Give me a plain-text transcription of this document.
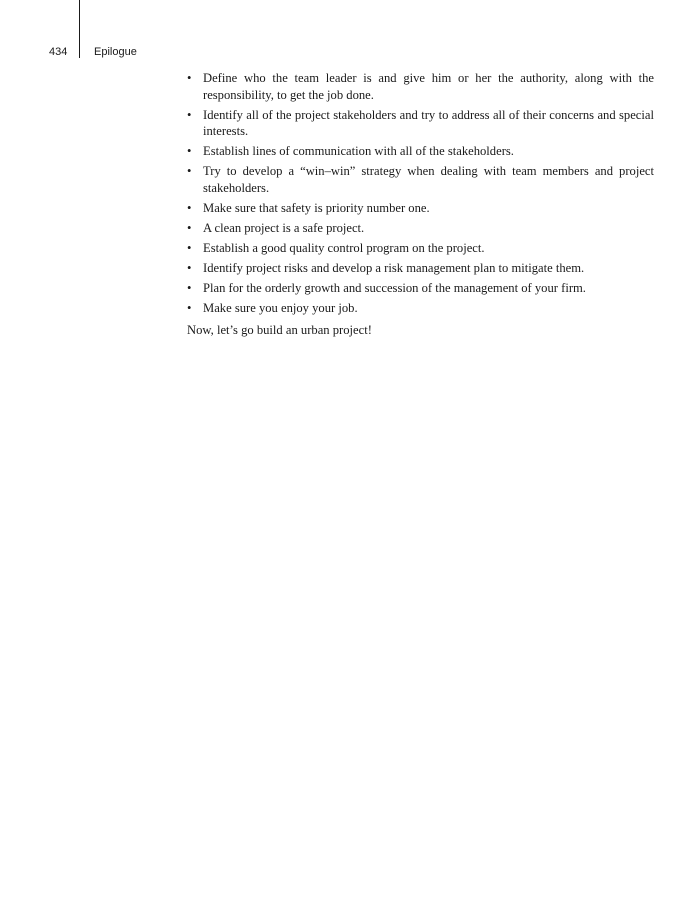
434 Epilogue
• Define who the team leader is and give him or her the authority, along with the responsibility, to get the job done.
• Identify all of the project stakeholders and try to address all of their concerns and special interests.
• Establish lines of communication with all of the stakeholders.
• Try to develop a “win–win” strategy when dealing with team members and project stakeholders.
• Make sure that safety is priority number one.
• A clean project is a safe project.
• Establish a good quality control program on the project.
• Identify project risks and develop a risk management plan to mitigate them.
• Plan for the orderly growth and succession of the management of your firm.
• Make sure you enjoy your job.

Now, let’s go build an urban project!
